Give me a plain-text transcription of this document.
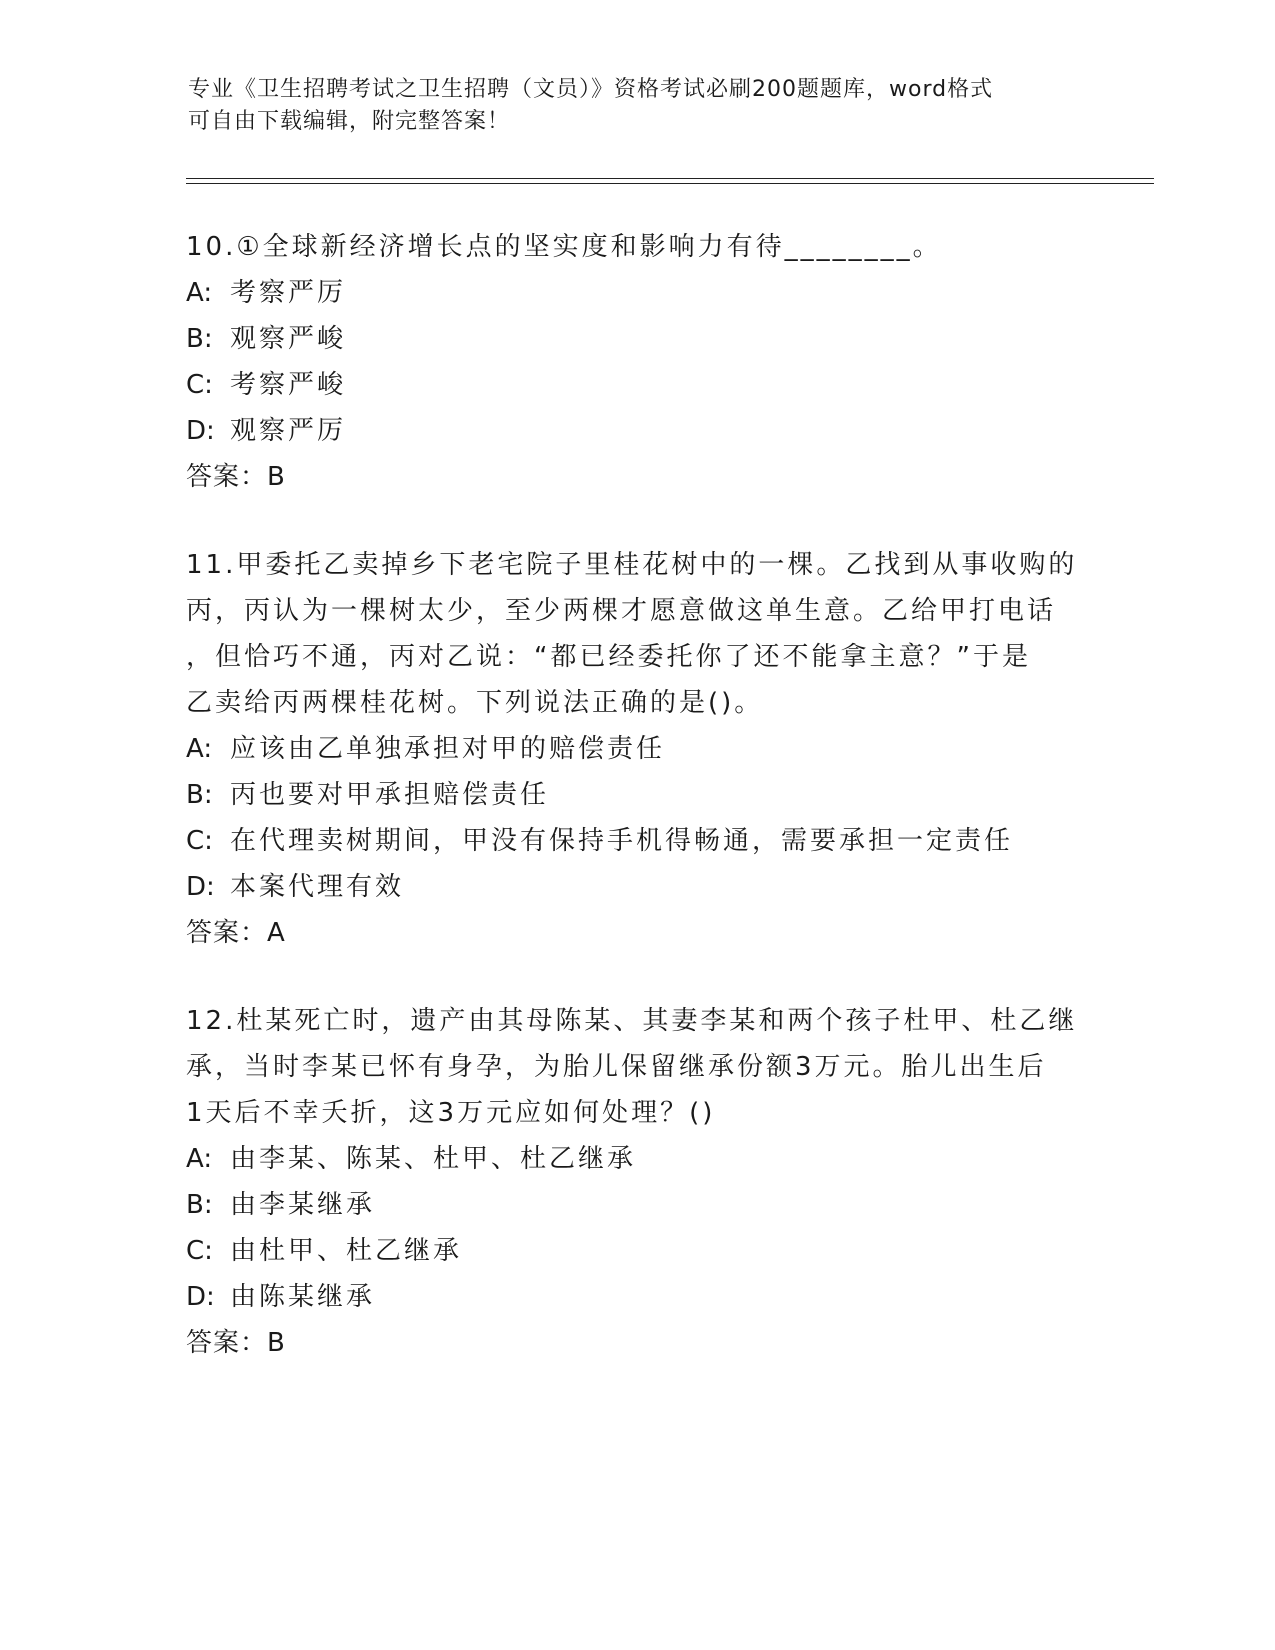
专业《卫生招聘考试之卫生招聘（文员）》资格考试必刷200题题库，word格式
可自由下载编辑，附完整答案！

10.①全球新经济增长点的坚实度和影响力有待________。

A: 考察严厉

B: 观察严峻

C: 考察严峻

D: 观察严厉

答案：B

11.甲委托乙卖掉乡下老宅院子里桂花树中的一棵。乙找到从事收购的

丙，丙认为一棵树太少，至少两棵才愿意做这单生意。乙给甲打电话

，但恰巧不通，丙对乙说：“都已经委托你了还不能拿主意？”于是

乙卖给丙两棵桂花树。下列说法正确的是()。

A: 应该由乙单独承担对甲的赔偿责任

B: 丙也要对甲承担赔偿责任

C: 在代理卖树期间，甲没有保持手机得畅通，需要承担一定责任

D: 本案代理有效

答案：A

12.杜某死亡时，遗产由其母陈某、其妻李某和两个孩子杜甲、杜乙继

承，当时李某已怀有身孕，为胎儿保留继承份额3万元。胎儿出生后

1天后不幸夭折，这3万元应如何处理？()

A: 由李某、陈某、杜甲、杜乙继承

B: 由李某继承

C: 由杜甲、杜乙继承

D: 由陈某继承

答案：B
